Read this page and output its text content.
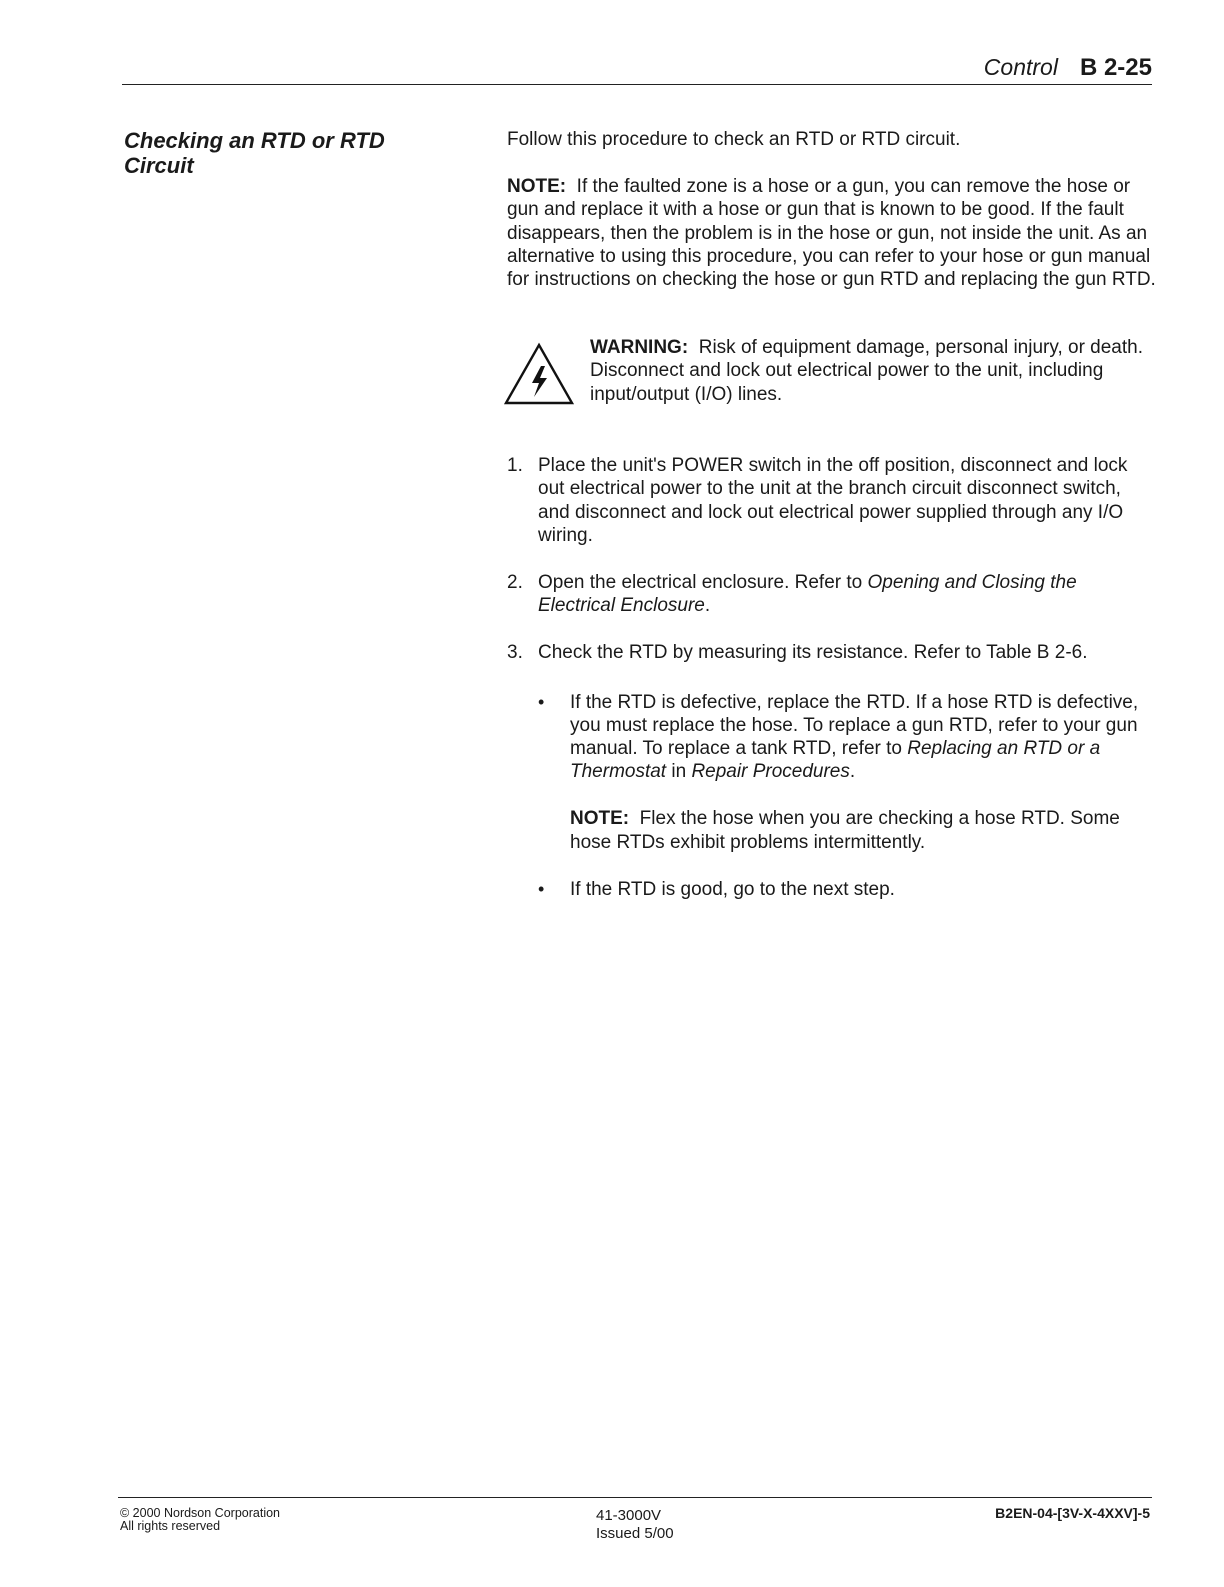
Control B 2-25
Checking an RTD or RTD Circuit

Follow this procedure to check an RTD or RTD circuit.

NOTE: If the faulted zone is a hose or a gun, you can remove the hose or gun and replace it with a hose or gun that is known to be good. If the fault disappears, then the problem is in the hose or gun, not inside the unit. As an alternative to using this procedure, you can refer to your hose or gun manual for instructions on checking the hose or gun RTD and replacing the gun RTD.

WARNING: Risk of equipment damage, personal injury, or death. Disconnect and lock out electrical power to the unit, including input/output (I/O) lines.

1. Place the unit's POWER switch in the off position, disconnect and lock out electrical power to the unit at the branch circuit disconnect switch, and disconnect and lock out electrical power supplied through any I/O wiring.
2. Open the electrical enclosure. Refer to Opening and Closing the Electrical Enclosure.
3. Check the RTD by measuring its resistance. Refer to Table B 2-6.
• If the RTD is defective, replace the RTD. If a hose RTD is defective, you must replace the hose. To replace a gun RTD, refer to your gun manual. To replace a tank RTD, refer to Replacing an RTD or a Thermostat in Repair Procedures.

NOTE: Flex the hose when you are checking a hose RTD. Some hose RTDs exhibit problems intermittently.

• If the RTD is good, go to the next step.
© 2000 Nordson Corporation
All rights reserved
41-3000V
Issued 5/00
B2EN-04-[3V-X-4XXV]-5
